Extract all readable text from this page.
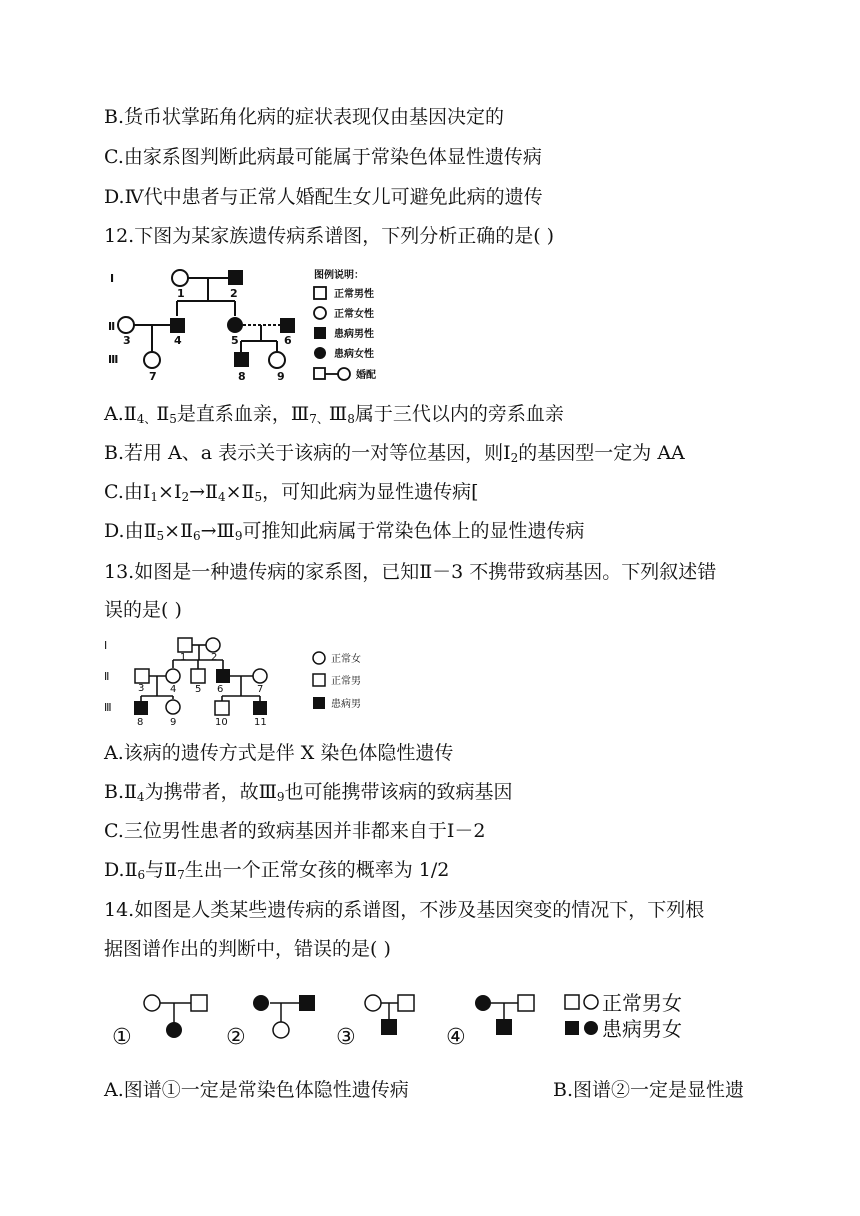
B.货币状掌跖角化病的症状表现仅由基因决定的
C.由家系图判断此病最可能属于常染色体显性遗传病
D.Ⅳ代中患者与正常人婚配生女儿可避免此病的遗传
12.下图为某家族遗传病系谱图，下列分析正确的是( )
Ⅰ
Ⅱ
Ⅲ
1	2
3	4	5	6
7	8	9
图例说明：
正常男性
正常女性
患病男性
患病女性
婚配
$A.Ⅱ_{4、}Ⅱ_5$是直系血亲，$Ⅲ_{7、}Ⅲ_8$属于三代以内的旁系血亲
B.若用 A、a 表示关于该病的一对等位基因，则$Ⅰ_2$的基因型一定为 AA
C.由$Ⅰ_1\times Ⅰ_2\to Ⅱ_4\times Ⅱ_5$，可知此病为显性遗传病[
D.由$Ⅱ_5\times Ⅱ_6\to Ⅲ_9$可推知此病属于常染色体上的显性遗传病
13.如图是一种遗传病的家系图，已知Ⅱ－3 不携带致病基因。下列叙述错
误的是( )
Ⅰ
Ⅱ
Ⅲ
1 2
3	4 5 6	7
8	9	10	11
正常女
正常男
患病男
A.该病的遗传方式是伴 X 染色体隐性遗传
$B.Ⅱ_4$为携带者，故$Ⅲ_9$也可能携带该病的致病基因
C.三位男性患者的致病基因并非都来自于Ⅰ－2
$D.Ⅱ_6$与$Ⅱ_7$生出一个正常女孩的概率为 1/2
14.如图是人类某些遗传病的系谱图，不涉及基因突变的情况下，下列根
据图谱作出的判断中，错误的是( )
①	②	③	④
正常男女
患病男女
A.图谱①一定是常染色体隐性遗传病	B.图谱②一定是显性遗
